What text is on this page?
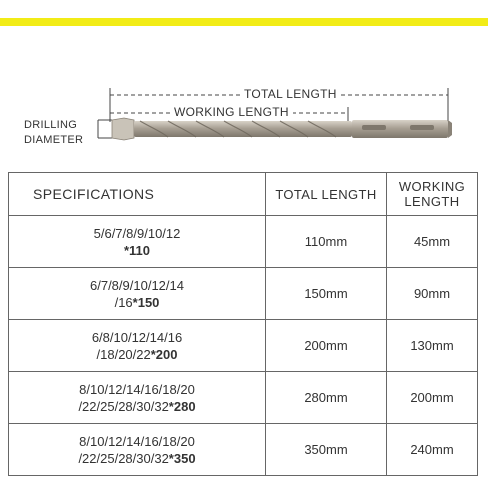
TOTAL LENGTH
WORKING LENGTH
DRILLING DIAMETER
SPECIFICATIONS	TOTAL LENGTH	WORKING LENGTH
5/6/7/8/9/10/12
*110	110mm	45mm
6/7/8/9/10/12/14
/16*150	150mm	90mm
6/8/10/12/14/16
/18/20/22*200	200mm	130mm
8/10/12/14/16/18/20
/22/25/28/30/32*280	280mm	200mm
8/10/12/14/16/18/20
/22/25/28/30/32*350	350mm	240mm
